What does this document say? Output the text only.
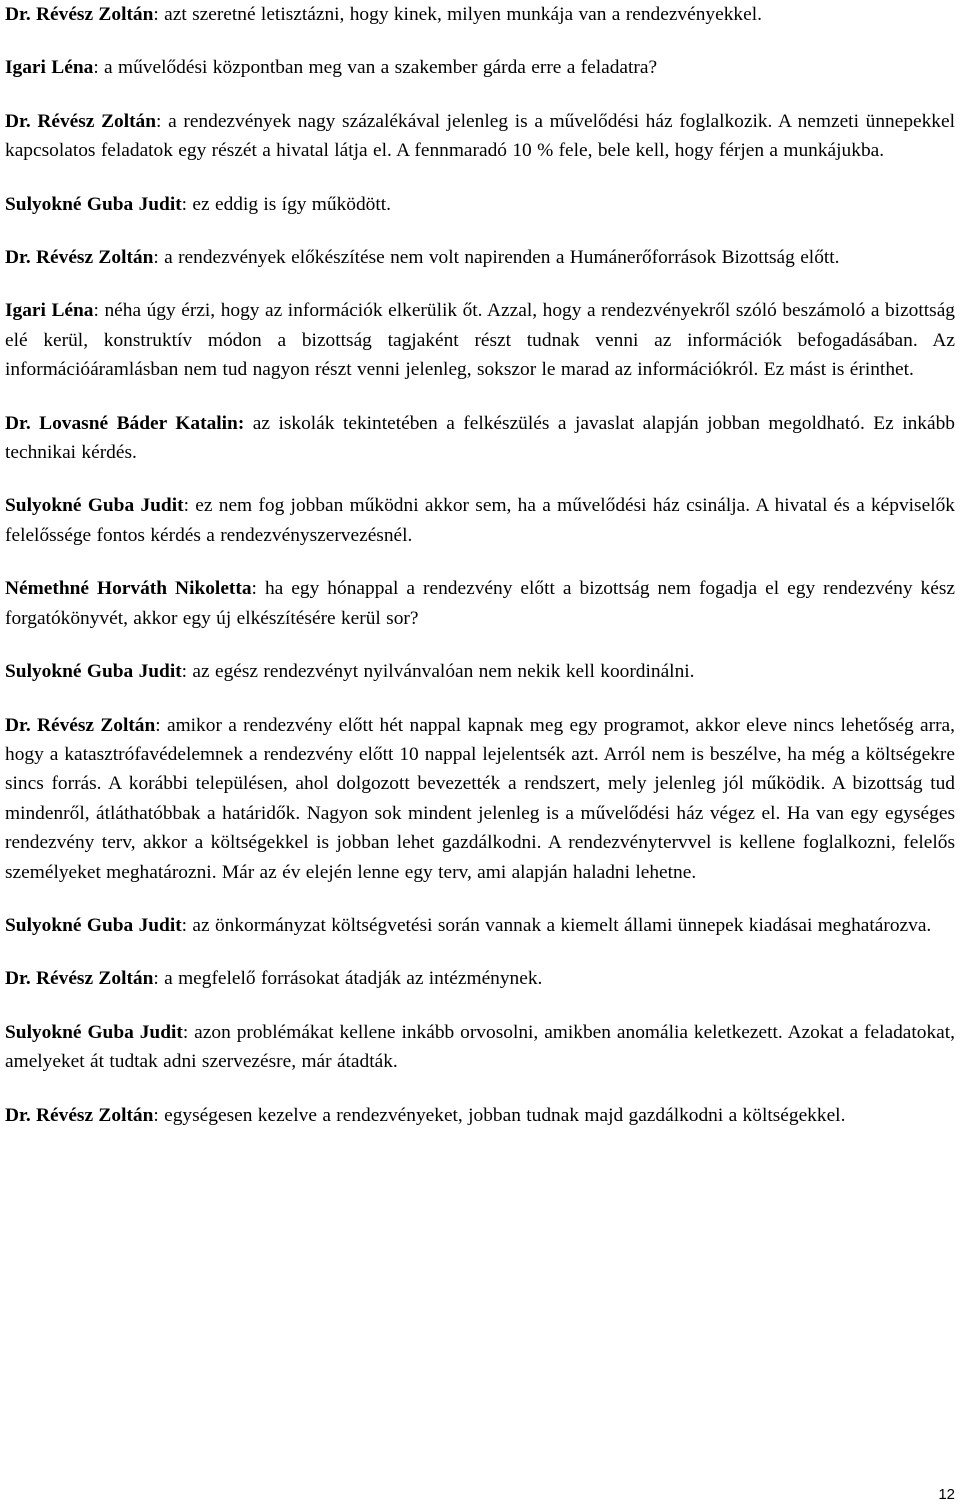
Dr. Révész Zoltán: azt szeretné letisztázni, hogy kinek, milyen munkája van a rendezvényekkel.

Igari Léna: a művelődési központban meg van a szakember gárda erre a feladatra?

Dr. Révész Zoltán: a rendezvények nagy százalékával jelenleg is a művelődési ház foglalkozik. A nemzeti ünnepekkel kapcsolatos feladatok egy részét a hivatal látja el. A fennmaradó 10 % fele, bele kell, hogy férjen a munkájukba.

Sulyokné Guba Judit: ez eddig is így működött.

Dr. Révész Zoltán: a rendezvények előkészítése nem volt napirenden a Humánerőforrások Bizottság előtt.

Igari Léna: néha úgy érzi, hogy az információk elkerülik őt. Azzal, hogy a rendezvényekről szóló beszámoló a bizottság elé kerül, konstruktív módon a bizottság tagjaként részt tudnak venni az információk befogadásában. Az információáramlásban nem tud nagyon részt venni jelenleg, sokszor le marad az információkról. Ez mást is érinthet.

Dr. Lovasné Báder Katalin: az iskolák tekintetében a felkészülés a javaslat alapján jobban megoldható. Ez inkább technikai kérdés.

Sulyokné Guba Judit: ez nem fog jobban működni akkor sem, ha a művelődési ház csinálja. A hivatal és a képviselők felelőssége fontos kérdés a rendezvényszervezésnél.

Némethné Horváth Nikoletta: ha egy hónappal a rendezvény előtt a bizottság nem fogadja el egy rendezvény kész forgatókönyvét, akkor egy új elkészítésére kerül sor?

Sulyokné Guba Judit: az egész rendezvényt nyilvánvalóan nem nekik kell koordinálni.

Dr. Révész Zoltán: amikor a rendezvény előtt hét nappal kapnak meg egy programot, akkor eleve nincs lehetőség arra, hogy a katasztrófavédelemnek a rendezvény előtt 10 nappal lejelentsék azt. Arról nem is beszélve, ha még a költségekre sincs forrás. A korábbi településen, ahol dolgozott bevezették a rendszert, mely jelenleg jól működik. A bizottság tud mindenről, átláthatóbbak a határidők. Nagyon sok mindent jelenleg is a művelődési ház végez el. Ha van egy egységes rendezvény terv, akkor a költségekkel is jobban lehet gazdálkodni. A rendezvénytervvel is kellene foglalkozni, felelős személyeket meghatározni. Már az év elején lenne egy terv, ami alapján haladni lehetne.

Sulyokné Guba Judit: az önkormányzat költségvetési során vannak a kiemelt állami ünnepek kiadásai meghatározva.

Dr. Révész Zoltán: a megfelelő forrásokat átadják az intézménynek.

Sulyokné Guba Judit: azon problémákat kellene inkább orvosolni, amikben anomália keletkezett. Azokat a feladatokat, amelyeket át tudtak adni szervezésre, már átadták.

Dr. Révész Zoltán: egységesen kezelve a rendezvényeket, jobban tudnak majd gazdálkodni a költségekkel.

12
